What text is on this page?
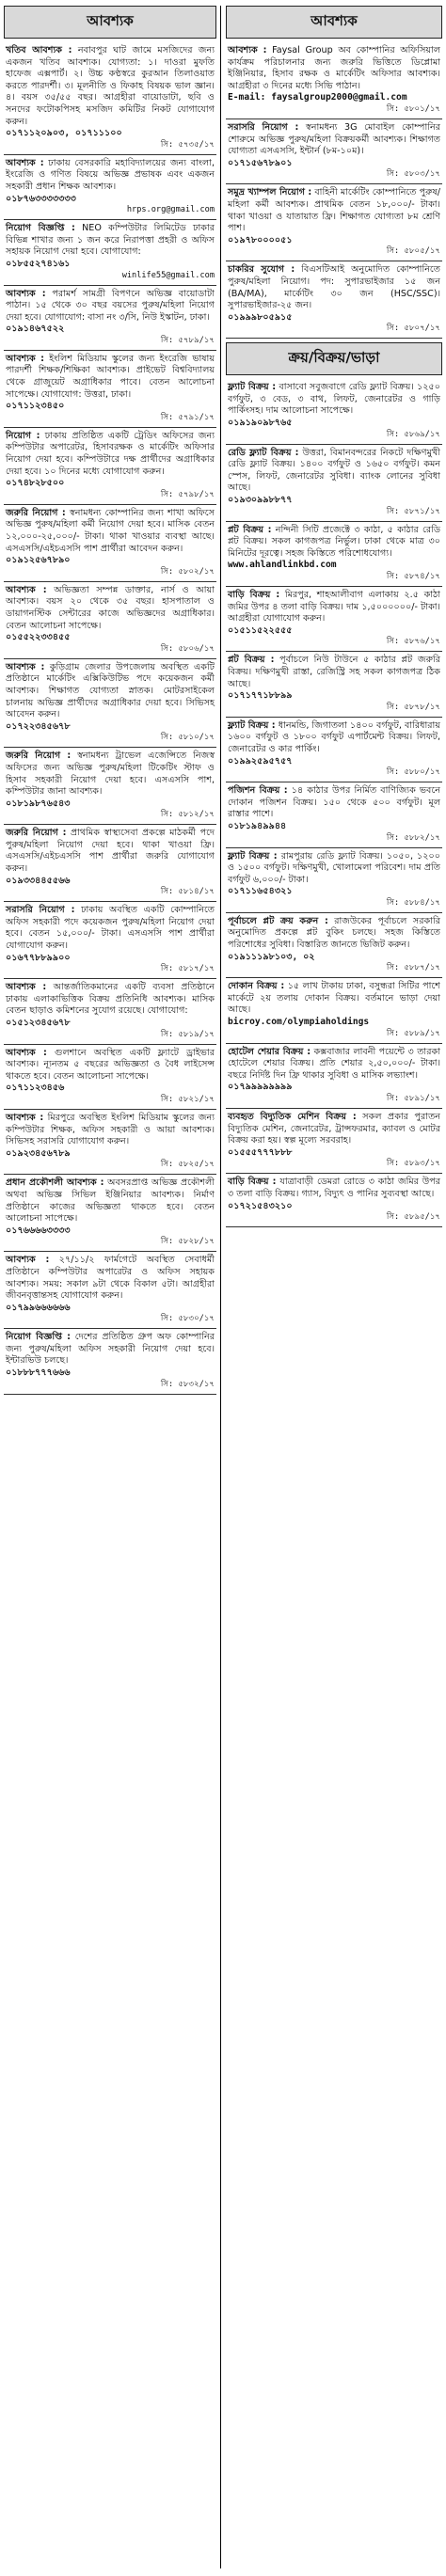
আবশ্যক
খতিব আবশ্যক : নবাবপুর ঘাট জামে মসজিদের জন্য একজন খতিব আবশ্যক। যোগ্যতা: ১। দাওরা মুফতি হাফেজ এক্সপার্ট। ২। উচ্চ কণ্ঠস্বরে কুরআন তিলাওয়াত করতে পারদর্শী। ৩। মূলনীতি ও ফিকাহ বিষয়ক ভাল জ্ঞান। ৪। বয়স ৩৫/৫৫ বছর। আগ্রহীরা বায়োডাটা, ছবি ও সনদের ফটোকপিসহ মসজিদ কমিটির নিকট যোগাযোগ করুন।
০১৭১১২০৯০৩, ০১৭১১১০০
সি: ৫৭৩৫/১৭
আবশ্যক : ঢাকায় বেসরকারি মহাবিদ্যালয়ের জন্য বাংলা, ইংরেজি ও গণিত বিষয়ে অভিজ্ঞ প্রভাষক এবং একজন সহকারী প্রধান শিক্ষক আবশ্যক।
০১৮৭৬৩৩৩৩৩৩৩
hrps.org@gmail.com
নিয়োগ বিজ্ঞপ্তি : NEO কম্পিউটার লিমিটেড ঢাকার বিভিন্ন শাখার জন্য ১ জন করে নিরাপত্তা প্রহরী ও অফিস সহায়ক নিয়োগ দেয়া হবে। যোগাযোগ:
০১৮৫৫২৭৪১৬১
winlife55@gmail.com
আবশ্যক : পরামর্শ সামগ্রী বিপণনে অভিজ্ঞ বায়োডাটা পাঠান। ১৫ থেকে ৩০ বছর বয়সের পুরুষ/মহিলা নিয়োগ দেয়া হবে। যোগাযোগ: বাসা নং ৩/সি, নিউ ইস্কাটন, ঢাকা।
০১৯১৪৬৭৫২২
সি: ৫৭৮৯/১৭
আবশ্যক : ইংলিশ মিডিয়াম স্কুলের জন্য ইংরেজি ভাষায় পারদর্শী শিক্ষক/শিক্ষিকা আবশ্যক। প্রাইভেট বিশ্ববিদ্যালয় থেকে গ্রাজুয়েট অগ্রাধিকার পাবে। বেতন আলোচনা সাপেক্ষে। যোগাযোগ: উত্তরা, ঢাকা।
০১৭১১২৩৪৫০
সি: ৫৭৯১/১৭
নিয়োগ : ঢাকায় প্রতিষ্ঠিত একটি ট্রেডিং অফিসের জন্য কম্পিউটার অপারেটর, হিসাবরক্ষক ও মার্কেটিং অফিসার নিয়োগ দেয়া হবে। কম্পিউটারে দক্ষ প্রার্থীদের অগ্রাধিকার দেয়া হবে। ১০ দিনের মধ্যে যোগাযোগ করুন।
০১৭৪৮২৮৫০০
সি: ৫৭৯৮/১৭
জরুরি নিয়োগ : স্বনামধন্য কোম্পানির জন্য শাখা অফিসে অভিজ্ঞ পুরুষ/মহিলা কর্মী নিয়োগ দেয়া হবে। মাসিক বেতন ১২,০০০-২৫,০০০/- টাকা। থাকা খাওয়ার ব্যবস্থা আছে। এসএসসি/এইচএসসি পাশ প্রার্থীরা আবেদন করুন।
০১৯১২৫৬৭৮৯০
সি: ৫৮০২/১৭
আবশ্যক : অভিজ্ঞতা সম্পন্ন ডাক্তার, নার্স ও আয়া আবশ্যক। বয়স ২০ থেকে ৩৫ বছর। হাসপাতাল ও ডায়াগনস্টিক সেন্টারের কাজে অভিজ্ঞদের অগ্রাধিকার। বেতন আলোচনা সাপেক্ষে।
০১৫৫২২৩৩৪৫৫
সি: ৫৮০৬/১৭
আবশ্যক : কুড়িগ্রাম জেলার উপজেলায় অবস্থিত একটি প্রতিষ্ঠানে মার্কেটিং এক্সিকিউটিভ পদে কয়েকজন কর্মী আবশ্যক। শিক্ষাগত যোগ্যতা স্নাতক। মোটরসাইকেল চালনায় অভিজ্ঞ প্রার্থীদের অগ্রাধিকার দেয়া হবে। সিভিসহ আবেদন করুন।
০১৭২২৩৪৫৬৭৮
সি: ৫৮১০/১৭
জরুরি নিয়োগ : স্বনামধন্য ট্রাভেল এজেন্সিতে নিজস্ব অফিসের জন্য অভিজ্ঞ পুরুষ/মহিলা টিকেটিং স্টাফ ও হিসাব সহকারী নিয়োগ দেয়া হবে। এসএসসি পাশ, কম্পিউটার জানা আবশ্যক।
০১৮১৯৮৭৬৫৪৩
সি: ৫৮১২/১৭
জরুরি নিয়োগ : প্রাথমিক স্বাস্থ্যসেবা প্রকল্পে মাঠকর্মী পদে পুরুষ/মহিলা নিয়োগ দেয়া হবে। থাকা খাওয়া ফ্রি। এসএসসি/এইচএসসি পাশ প্রার্থীরা জরুরি যোগাযোগ করুন।
০১৯৩৩৪৪৫৫৬৬
সি: ৫৮১৪/১৭
সরাসরি নিয়োগ : ঢাকায় অবস্থিত একটি কোম্পানিতে অফিস সহকারী পদে কয়েকজন পুরুষ/মহিলা নিয়োগ দেয়া হবে। বেতন ১৫,০০০/- টাকা। এসএসসি পাশ প্রার্থীরা যোগাযোগ করুন।
০১৬৭৭৮৮৯৯০০
সি: ৫৮১৭/১৭
আবশ্যক : আন্তর্জাতিকমানের একটি ব্যবসা প্রতিষ্ঠানে ঢাকায় এলাকাভিত্তিক বিক্রয় প্রতিনিধি আবশ্যক। মাসিক বেতন ছাড়াও কমিশনের সুযোগ রয়েছে। যোগাযোগ:
০১৫১২৩৪৫৬৭৮
সি: ৫৮১৯/১৭
আবশ্যক : গুলশানে অবস্থিত একটি ফ্ল্যাটে ড্রাইভার আবশ্যক। ন্যূনতম ৫ বছরের অভিজ্ঞতা ও বৈধ লাইসেন্স থাকতে হবে। বেতন আলোচনা সাপেক্ষে।
০১৭১১২৩৪৫৬
সি: ৫৮২১/১৭
আবশ্যক : মিরপুরে অবস্থিত ইংলিশ মিডিয়াম স্কুলের জন্য কম্পিউটার শিক্ষক, অফিস সহকারী ও আয়া আবশ্যক। সিভিসহ সরাসরি যোগাযোগ করুন।
০১৯২৩৪৫৬৭৮৯
সি: ৫৮২৫/১৭
প্রধান প্রকৌশলী আবশ্যক : অবসরপ্রাপ্ত অভিজ্ঞ প্রকৌশলী অথবা অভিজ্ঞ সিভিল ইঞ্জিনিয়ার আবশ্যক। নির্মাণ প্রতিষ্ঠানে কাজের অভিজ্ঞতা থাকতে হবে। বেতন আলোচনা সাপেক্ষে।
০১৭৬৬৬৬৩৩৩৩
সি: ৫৮২৮/১৭
আবশ্যক : ২৭/১১/২ ফার্মগেটে অবস্থিত সেবাধর্মী প্রতিষ্ঠানে কম্পিউটার অপারেটর ও অফিস সহায়ক আবশ্যক। সময়: সকাল ৯টা থেকে বিকাল ৫টা। আগ্রহীরা জীবনবৃত্তান্তসহ যোগাযোগ করুন।
০১৭৯৯৬৬৬৬৬৬
সি: ৫৮৩০/১৭
নিয়োগ বিজ্ঞপ্তি : দেশের প্রতিষ্ঠিত গ্রুপ অফ কোম্পানির জন্য পুরুষ/মহিলা অফিস সহকারী নিয়োগ দেয়া হবে। ইন্টারভিউ চলছে।
০১৮৮৮৭৭৭৬৬৬
সি: ৫৮৩২/১৭
আবশ্যক
আবশ্যক : Faysal Group অব কোম্পানির অফিসিয়াল কার্যক্রম পরিচালনার জন্য জরুরি ভিত্তিতে ডিপ্লোমা ইঞ্জিনিয়ার, হিসাব রক্ষক ও মার্কেটিং অফিসার আবশ্যক। আগ্রহীরা ৩ দিনের মধ্যে সিভি পাঠান।
E-mail: faysalgroup2000@gmail.com
সি: ৫৮০১/১৭
সরাসরি নিয়োগ : স্বনামধন্য 3G মোবাইল কোম্পানির শোরুমে অভিজ্ঞ পুরুষ/মহিলা বিক্রয়কর্মী আবশ্যক। শিক্ষাগত যোগ্যতা এসএসসি, ইন্টার্ন (৮ম-১০ম)।
০১৭১৫৬৭৮৯০১
সি: ৫৮০৩/১৭
সমুদ্র খ্যাম্পল নিয়োগ : বাহিনী মার্কেটিং কোম্পানিতে পুরুষ/মহিলা কর্মী আবশ্যক। প্রাথমিক বেতন ১৮,০০০/- টাকা। থাকা খাওয়া ও যাতায়াত ফ্রি। শিক্ষাগত যোগ্যতা ৮ম শ্রেণি পাশ।
০১৯৭৮০০০০৫১
সি: ৫৮০৫/১৭
চাকরির সুযোগ : বিএসটিআই অনুমোদিত কোম্পানিতে পুরুষ/মহিলা নিয়োগ। পদ: সুপারভাইজার ১৫ জন (BA/MA), মার্কেটিং ৩০ জন (HSC/SSC)। সুপারভাইজার-২৫ জন।
০১৯৯৯৮০৫৯১৫
সি: ৫৮০৭/১৭
ক্রয়/বিক্রয়/ভাড়া
ফ্ল্যাট বিক্রয় : বাসাবো সবুজবাগে রেডি ফ্ল্যাট বিক্রয়। ১২৫০ বর্গফুট, ৩ বেড, ৩ বাথ, লিফট, জেনারেটর ও গাড়ি পার্কিংসহ। দাম আলোচনা সাপেক্ষে।
০১৯১৯০৯৮৭৬৫
সি: ৫৮৬৯/১৭
রেডি ফ্ল্যাট বিক্রয় : উত্তরা, বিমানবন্দরের নিকটে দক্ষিণমুখী রেডি ফ্ল্যাট বিক্রয়। ১৪০০ বর্গফুট ও ১৬৫০ বর্গফুট। কমন স্পেস, লিফট, জেনারেটর সুবিধা। ব্যাংক লোনের সুবিধা আছে।
০১৯৩০৯৯৮৮৭৭
সি: ৫৮৭১/১৭
প্লট বিক্রয় : নন্দিনী সিটি প্রজেক্টে ৩ কাঠা, ৫ কাঠার রেডি প্লট বিক্রয়। সকল কাগজপত্র নির্ভুল। ঢাকা থেকে মাত্র ৩০ মিনিটের দূরত্বে। সহজ কিস্তিতে পরিশোধযোগ্য।
www.ahlandlinkbd.com
সি: ৫৮৭৪/১৭
বাড়ি বিক্রয় : মিরপুর, শাহআলীবাগ এলাকায় ২.৫ কাঠা জমির উপর ৪ তলা বাড়ি বিক্রয়। দাম ১,৫০০০০০০/- টাকা। আগ্রহীরা যোগাযোগ করুন।
০১৫১১৫২২৫৫৫
সি: ৫৮৭৬/১৭
প্লট বিক্রয় : পূর্বাচলে নিউ টাউনে ৫ কাঠার প্লট জরুরি বিক্রয়। দক্ষিণমুখী রাস্তা, রেজিস্ট্রি সহ সকল কাগজপত্র ঠিক আছে।
০১৭১৭৭১৮৮৯৯
সি: ৫৮৭৮/১৭
ফ্ল্যাট বিক্রয় : ধানমন্ডি, জিগাতলা ১৪০০ বর্গফুট, বারিধারায় ১৬০০ বর্গফুট ও ১৮০০ বর্গফুট এপার্টমেন্ট বিক্রয়। লিফট, জেনারেটর ও কার পার্কিং।
০১৯৯২৫৯৫৭৫৭
সি: ৫৮৮০/১৭
পজিশন বিক্রয় : ১৪ কাঠার উপর নির্মিত বাণিজ্যিক ভবনে দোকান পজিশন বিক্রয়। ১৫০ থেকে ৫০০ বর্গফুট। মূল রাস্তার পাশে।
০১৮১৯৪৯৯৪৪
সি: ৫৮৮২/১৭
ফ্ল্যাট বিক্রয় : রামপুরায় রেডি ফ্ল্যাট বিক্রয়। ১০৫০, ১২০০ ও ১৫০০ বর্গফুট। দক্ষিণমুখী, খোলামেলা পরিবেশ। দাম প্রতি বর্গফুট ৬,০০০/- টাকা।
০১৭১১৬৫৪৩২১
সি: ৫৮৮৪/১৭
পূর্বাচলে প্লট ক্রয় করুন : রাজউকের পূর্বাচলে সরকারি অনুমোদিত প্রকল্পে প্লট বুকিং চলছে। সহজ কিস্তিতে পরিশোধের সুবিধা। বিস্তারিত জানতে ভিজিট করুন।
০১৯১১১৯৮১০৩, ০২
সি: ৫৮৮৭/১৭
দোকান বিক্রয় : ১৫ লাখ টাকায় ঢাকা, বসুন্ধরা সিটির পাশে মার্কেটে ২য় তলায় দোকান বিক্রয়। বর্তমানে ভাড়া দেয়া আছে।
bicroy.com/olympiaholdings
সি: ৫৮৮৯/১৭
হোটেল শেয়ার বিক্রয় : কক্সবাজার লাবনী পয়েন্টে ৩ তারকা হোটেলে শেয়ার বিক্রয়। প্রতি শেয়ার ২,৫০,০০০/- টাকা। বছরে নির্দিষ্ট দিন ফ্রি থাকার সুবিধা ও মাসিক লভ্যাংশ।
০১৭৯৯৯৯৯৯৯৯
সি: ৫৮৯১/১৭
ব্যবহৃত বিদ্যুতিক মেশিন বিক্রয় : সকল প্রকার পুরাতন বিদ্যুতিক মেশিন, জেনারেটর, ট্রান্সফরমার, ক্যাবল ও মোটর বিক্রয় করা হয়। স্বল্প মূল্যে সরবরাহ।
০১৫৫৫৭৭৭৮৮৮
সি: ৫৮৯৩/১৭
বাড়ি বিক্রয় : যাত্রাবাড়ী ডেমরা রোডে ৩ কাঠা জমির উপর ৩ তলা বাড়ি বিক্রয়। গ্যাস, বিদ্যুৎ ও পানির সুব্যবস্থা আছে।
০১৭২১৫৪৩২১০
সি: ৫৮৯৫/১৭
